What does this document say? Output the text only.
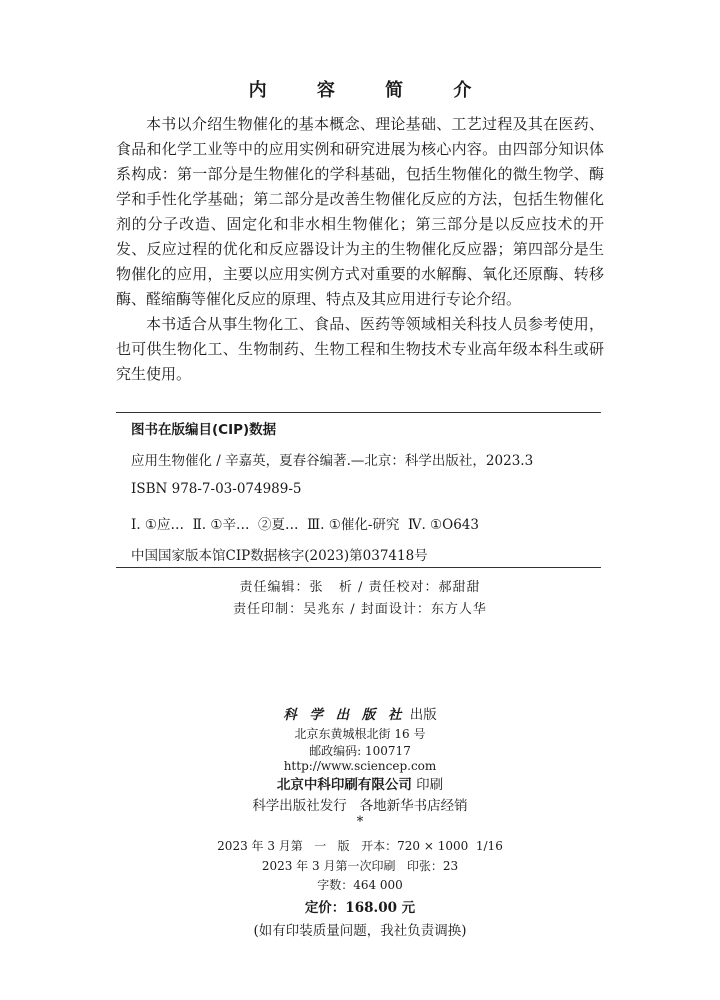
内 容 简 介

本书以介绍生物催化的基本概念、理论基础、工艺过程及其在医药、食品和化学工业等中的应用实例和研究进展为核心内容。由四部分知识体系构成：第一部分是生物催化的学科基础，包括生物催化的微生物学、酶学和手性化学基础；第二部分是改善生物催化反应的方法，包括生物催化剂的分子改造、固定化和非水相生物催化；第三部分是以反应技术的开发、反应过程的优化和反应器设计为主的生物催化反应器；第四部分是生物催化的应用，主要以应用实例方式对重要的水解酶、氧化还原酶、转移酶、醛缩酶等催化反应的原理、特点及其应用进行专论介绍。

本书适合从事生物化工、食品、医药等领域相关科技人员参考使用，也可供生物化工、生物制药、生物工程和生物技术专业高年级本科生或研究生使用。

图书在版编目(CIP)数据
应用生物催化 / 辛嘉英，夏春谷编著.—北京：科学出版社，2023.3
ISBN 978-7-03-074989-5
Ⅰ. ①应…  Ⅱ. ①辛…  ②夏…  Ⅲ. ①催化-研究  Ⅳ. ①O643
中国国家版本馆CIP数据核字(2023)第037418号
责任编辑：张   析 / 责任校对：郝甜甜
责任印制：吴兆东 / 封面设计：东方人华
科 学 出 版 社 出版
北京东黄城根北街 16 号
邮政编码: 100717
http://www.sciencep.com
北京中科印刷有限公司 印刷
科学出版社发行   各地新华书店经销
*
2023 年 3 月第   一   版   开本：720 × 1000  1/16
2023 年 3 月第一次印刷   印张：23
字数：464 000
定价：168.00 元
(如有印装质量问题，我社负责调换)
